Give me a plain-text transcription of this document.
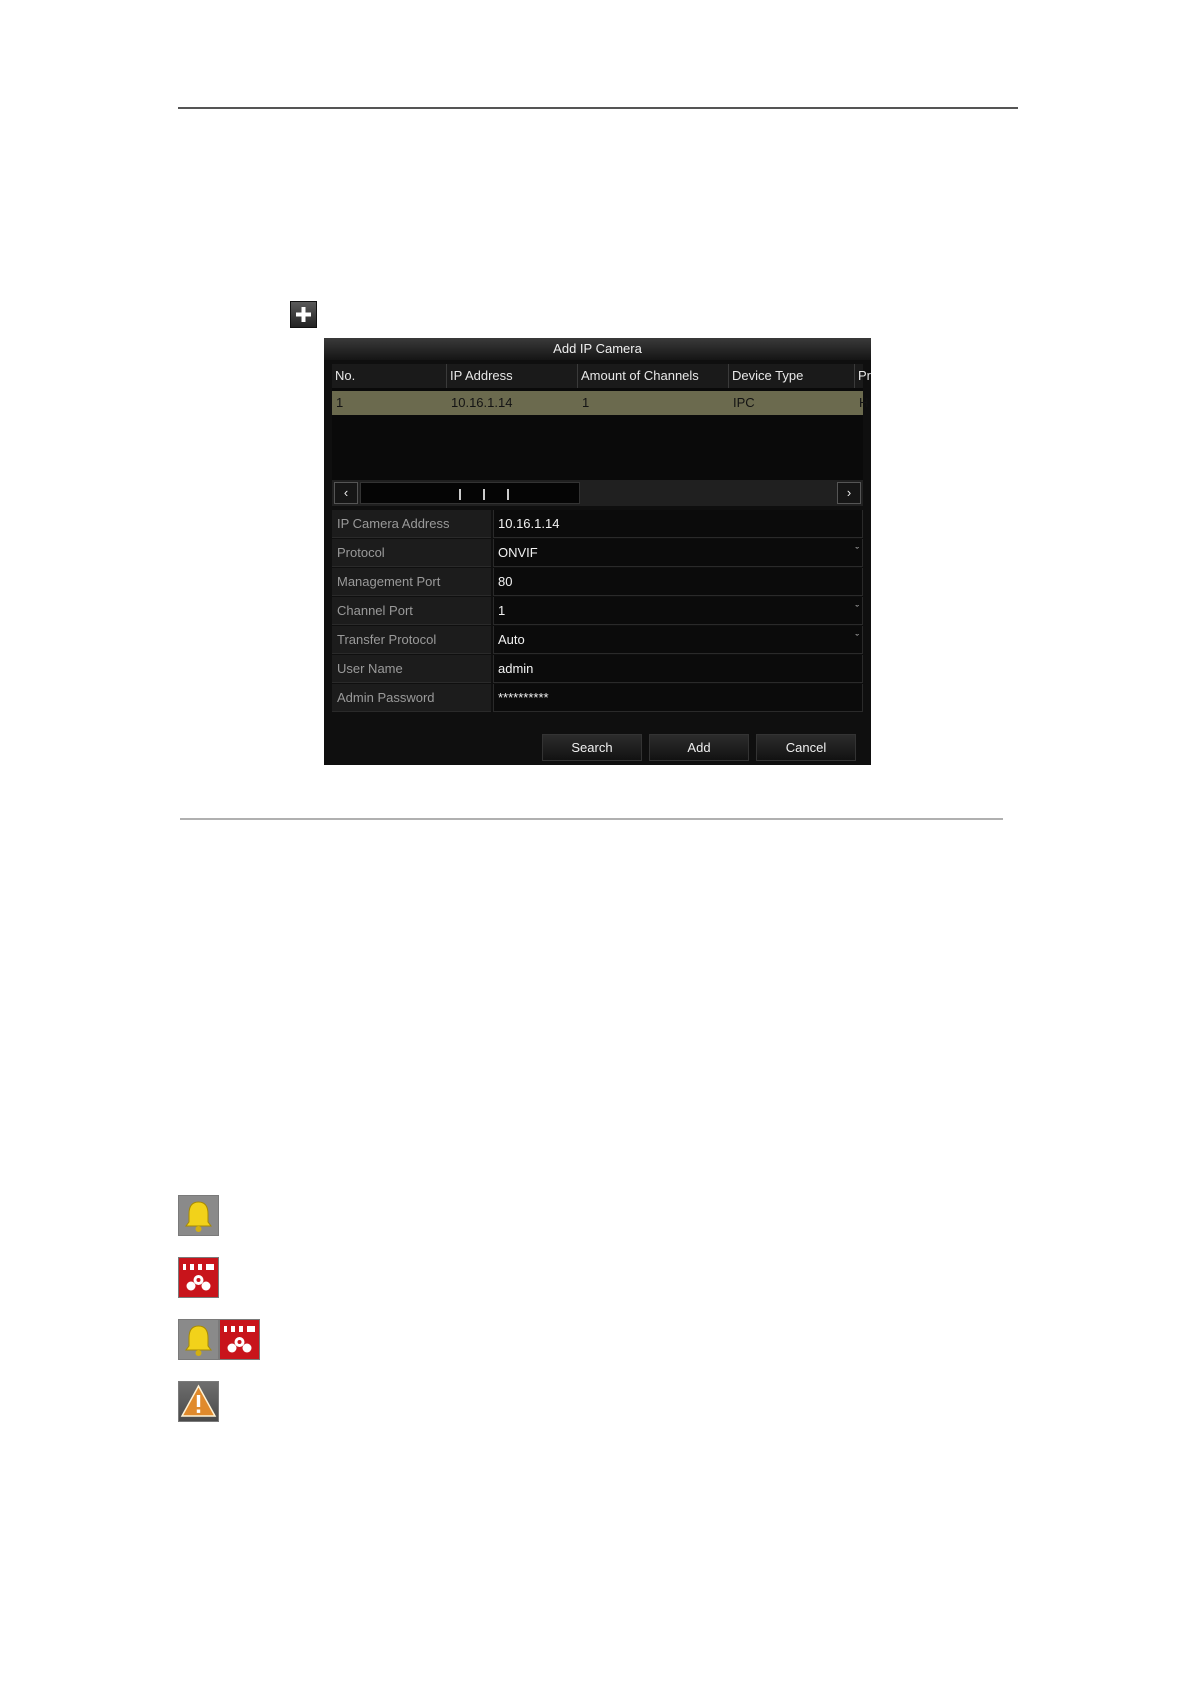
Add IP Camera
No.	IP Address	Amount of Channels	Device Type	Pr
1	10.16.1.14	1	IPC	H
‹	›
IP Camera Address	10.16.1.14
Protocol	ONVIF	ˇ
Management Port	80
Channel Port	1	ˇ
Transfer Protocol	Auto	ˇ
User Name	admin
Admin Password	**********
Search	Add	Cancel
